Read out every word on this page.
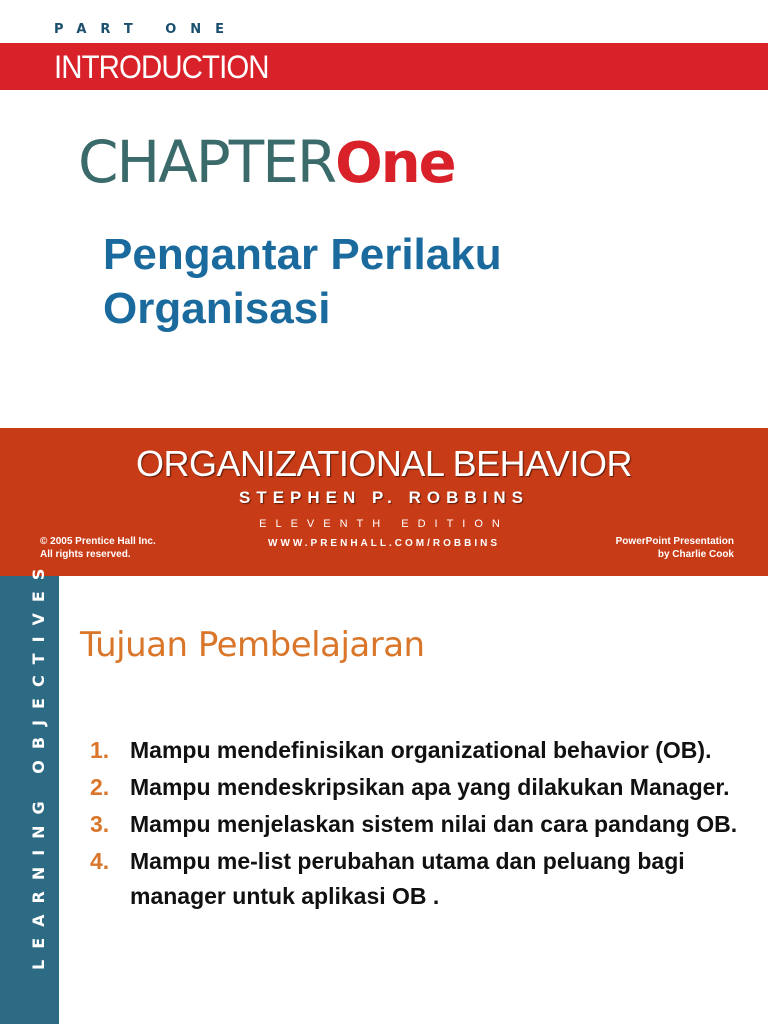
PART ONE
INTRODUCTION
CHAPTER One
Pengantar Perilaku Organisasi
ORGANIZATIONAL BEHAVIOR
STEPHEN P. ROBBINS
ELEVENTH EDITION
WWW.PRENHALL.COM/ROBBINS
© 2005 Prentice Hall Inc.
All rights reserved.
PowerPoint Presentation
by Charlie Cook
LEARNING OBJECTIVES Tujuan Pembelajaran
1. Mampu mendefinisikan organizational behavior (OB).
2. Mampu mendeskripsikan apa yang dilakukan Manager.
3. Mampu menjelaskan sistem nilai dan cara pandang OB.
4. Mampu me-list perubahan utama dan peluang bagi manager untuk aplikasi OB .
